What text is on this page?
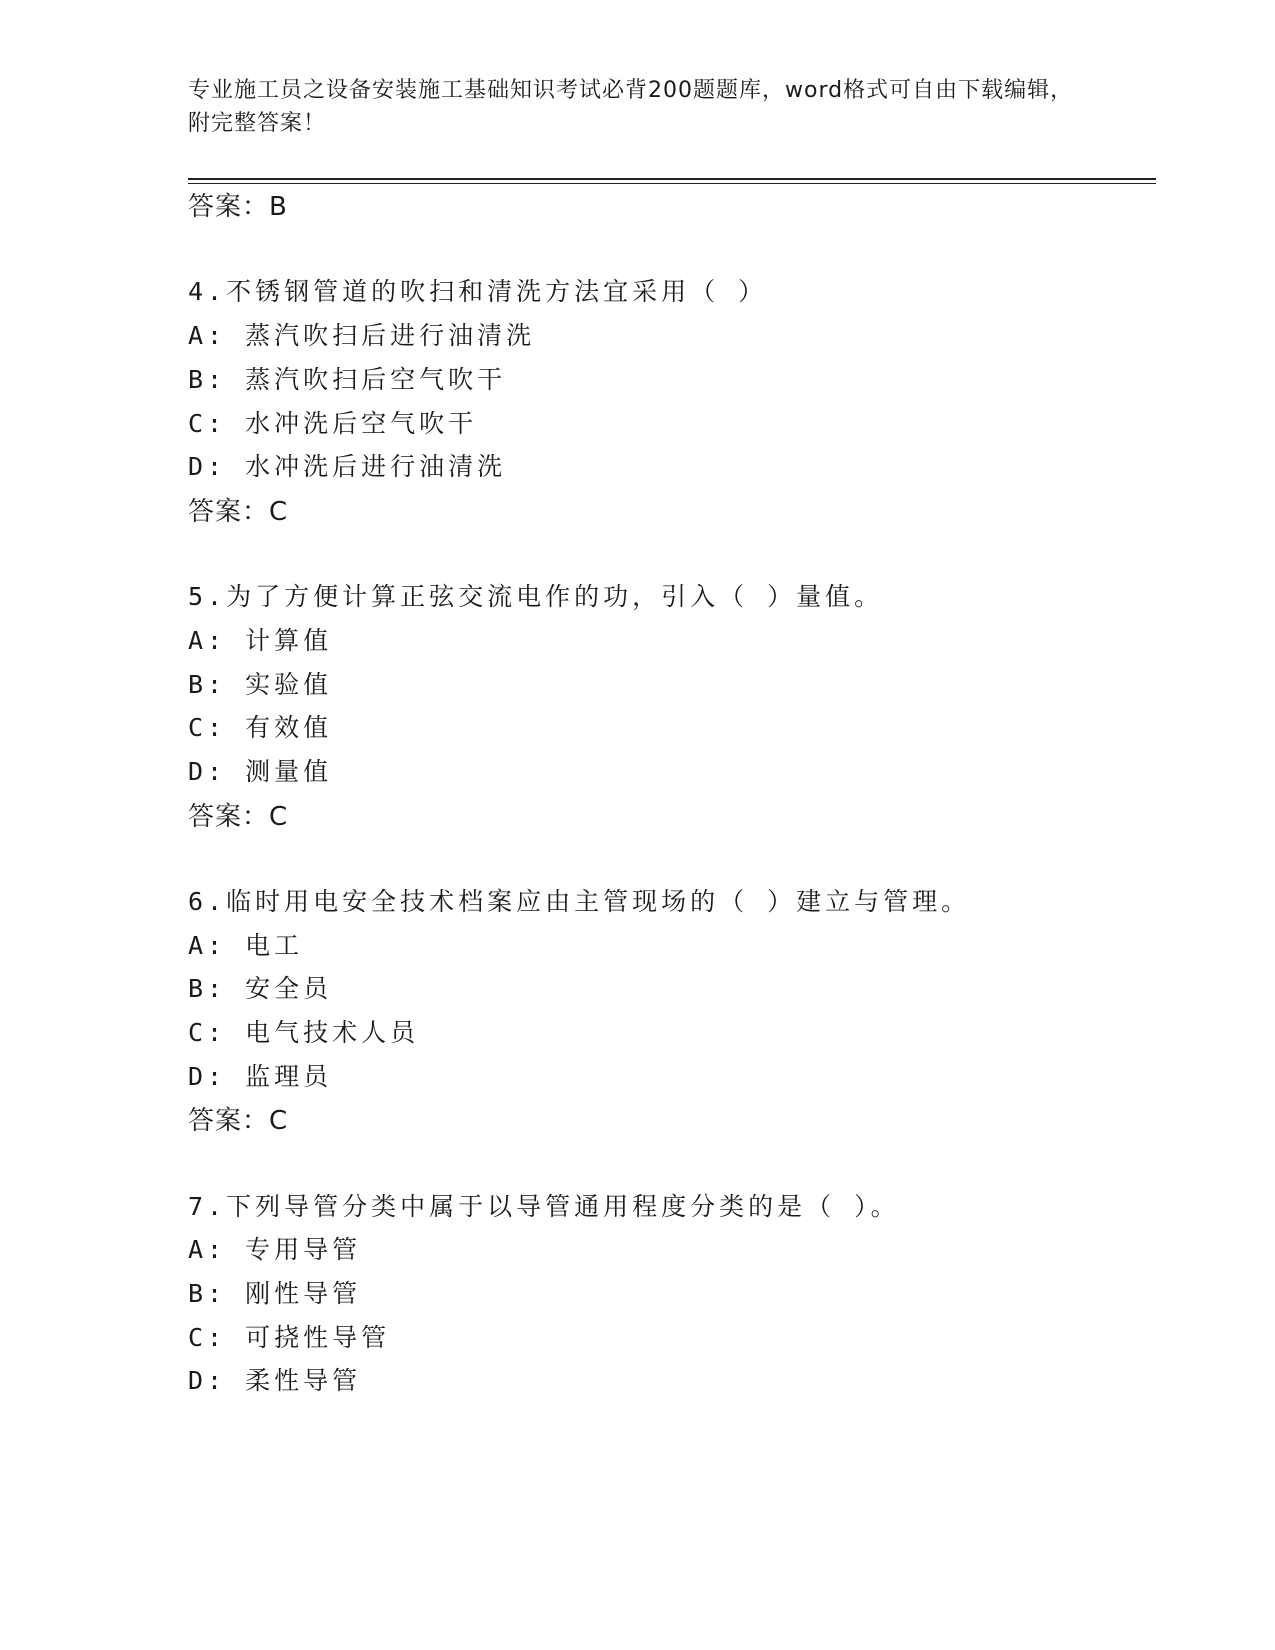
专业施工员之设备安装施工基础知识考试必背200题题库，word格式可自由下载编辑，附完整答案！
答案：B
4.不锈钢管道的吹扫和清洗方法宜采用（ ）
A: 蒸汽吹扫后进行油清洗
B: 蒸汽吹扫后空气吹干
C: 水冲洗后空气吹干
D: 水冲洗后进行油清洗
答案：C
5.为了方便计算正弦交流电作的功，引入（ ）量值。
A: 计算值
B: 实验值
C: 有效值
D: 测量值
答案：C
6.临时用电安全技术档案应由主管现场的（ ）建立与管理。
A: 电工
B: 安全员
C: 电气技术人员
D: 监理员
答案：C
7.下列导管分类中属于以导管通用程度分类的是（ ）。
A: 专用导管
B: 刚性导管
C: 可挠性导管
D: 柔性导管
